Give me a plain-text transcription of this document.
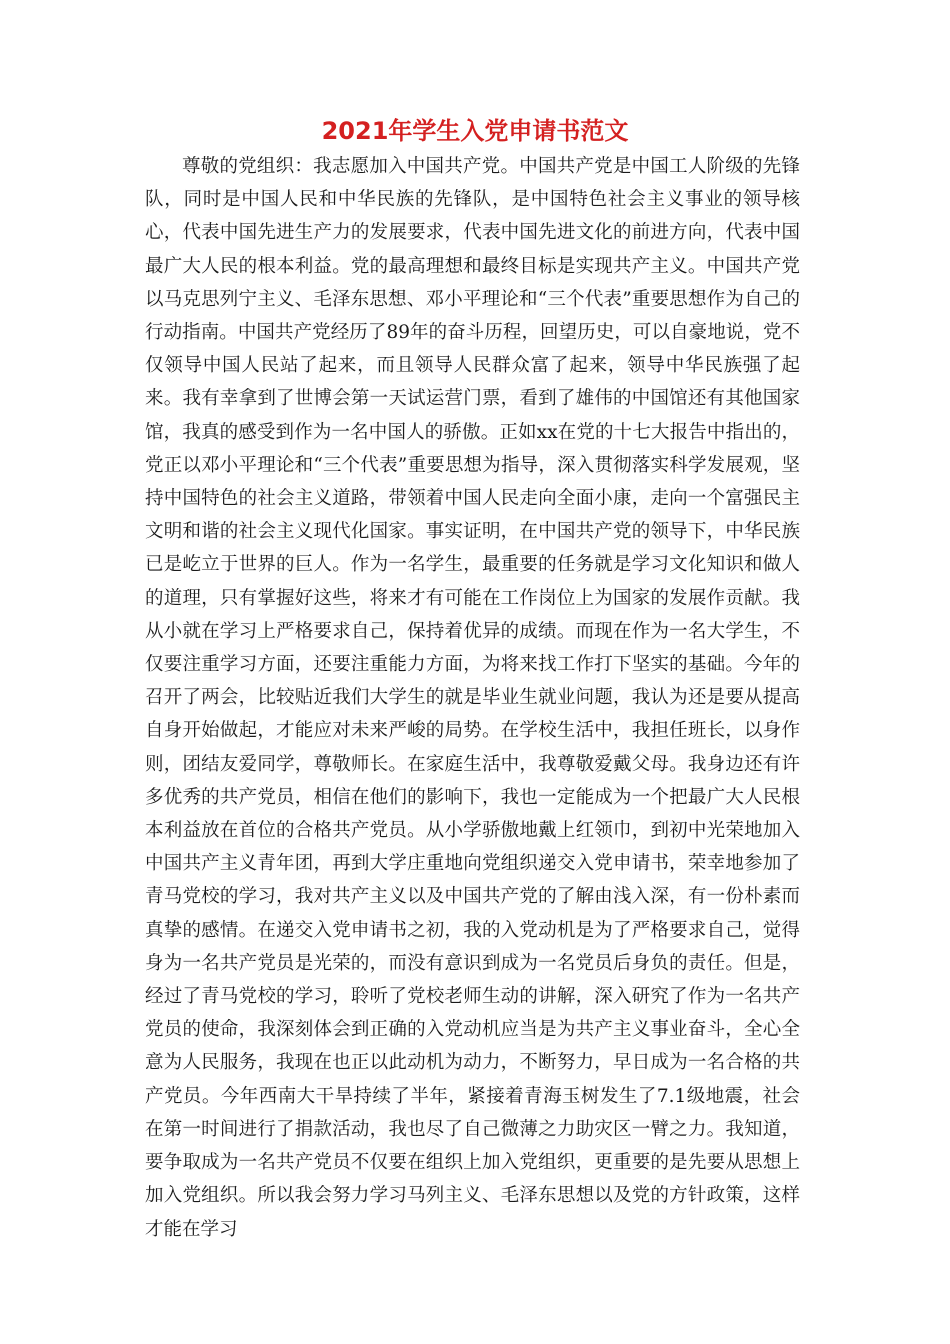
2021年学生入党申请书范文

尊敬的党组织：我志愿加入中国共产党。中国共产党是中国工人阶级的先锋队，同时是中国人民和中华民族的先锋队，是中国特色社会主义事业的领导核心，代表中国先进生产力的发展要求，代表中国先进文化的前进方向，代表中国最广大人民的根本利益。党的最高理想和最终目标是实现共产主义。中国共产党以马克思列宁主义、毛泽东思想、邓小平理论和“三个代表”重要思想作为自己的行动指南。中国共产党经历了89年的奋斗历程，回望历史，可以自豪地说，党不仅领导中国人民站了起来，而且领导人民群众富了起来，领导中华民族强了起来。我有幸拿到了世博会第一天试运营门票，看到了雄伟的中国馆还有其他国家馆，我真的感受到作为一名中国人的骄傲。正如xx在党的十七大报告中指出的，党正以邓小平理论和“三个代表”重要思想为指导，深入贯彻落实科学发展观，坚持中国特色的社会主义道路，带领着中国人民走向全面小康，走向一个富强民主文明和谐的社会主义现代化国家。事实证明，在中国共产党的领导下，中华民族已是屹立于世界的巨人。作为一名学生，最重要的任务就是学习文化知识和做人的道理，只有掌握好这些，将来才有可能在工作岗位上为国家的发展作贡献。我从小就在学习上严格要求自己，保持着优异的成绩。而现在作为一名大学生，不仅要注重学习方面，还要注重能力方面，为将来找工作打下坚实的基础。今年的召开了两会，比较贴近我们大学生的就是毕业生就业问题，我认为还是要从提高自身开始做起，才能应对未来严峻的局势。在学校生活中，我担任班长，以身作则，团结友爱同学，尊敬师长。在家庭生活中，我尊敬爱戴父母。我身边还有许多优秀的共产党员，相信在他们的影响下，我也一定能成为一个把最广大人民根本利益放在首位的合格共产党员。从小学骄傲地戴上红领巾，到初中光荣地加入中国共产主义青年团，再到大学庄重地向党组织递交入党申请书，荣幸地参加了青马党校的学习，我对共产主义以及中国共产党的了解由浅入深，有一份朴素而真挚的感情。在递交入党申请书之初，我的入党动机是为了严格要求自己，觉得身为一名共产党员是光荣的，而没有意识到成为一名党员后身负的责任。但是，经过了青马党校的学习，聆听了党校老师生动的讲解，深入研究了作为一名共产党员的使命，我深刻体会到正确的入党动机应当是为共产主义事业奋斗，全心全意为人民服务，我现在也正以此动机为动力，不断努力，早日成为一名合格的共产党员。今年西南大干旱持续了半年，紧接着青海玉树发生了7.1级地震，社会在第一时间进行了捐款活动，我也尽了自己微薄之力助灾区一臂之力。我知道，要争取成为一名共产党员不仅要在组织上加入党组织，更重要的是先要从思想上加入党组织。所以我会努力学习马列主义、毛泽东思想以及党的方针政策，这样才能在学习
